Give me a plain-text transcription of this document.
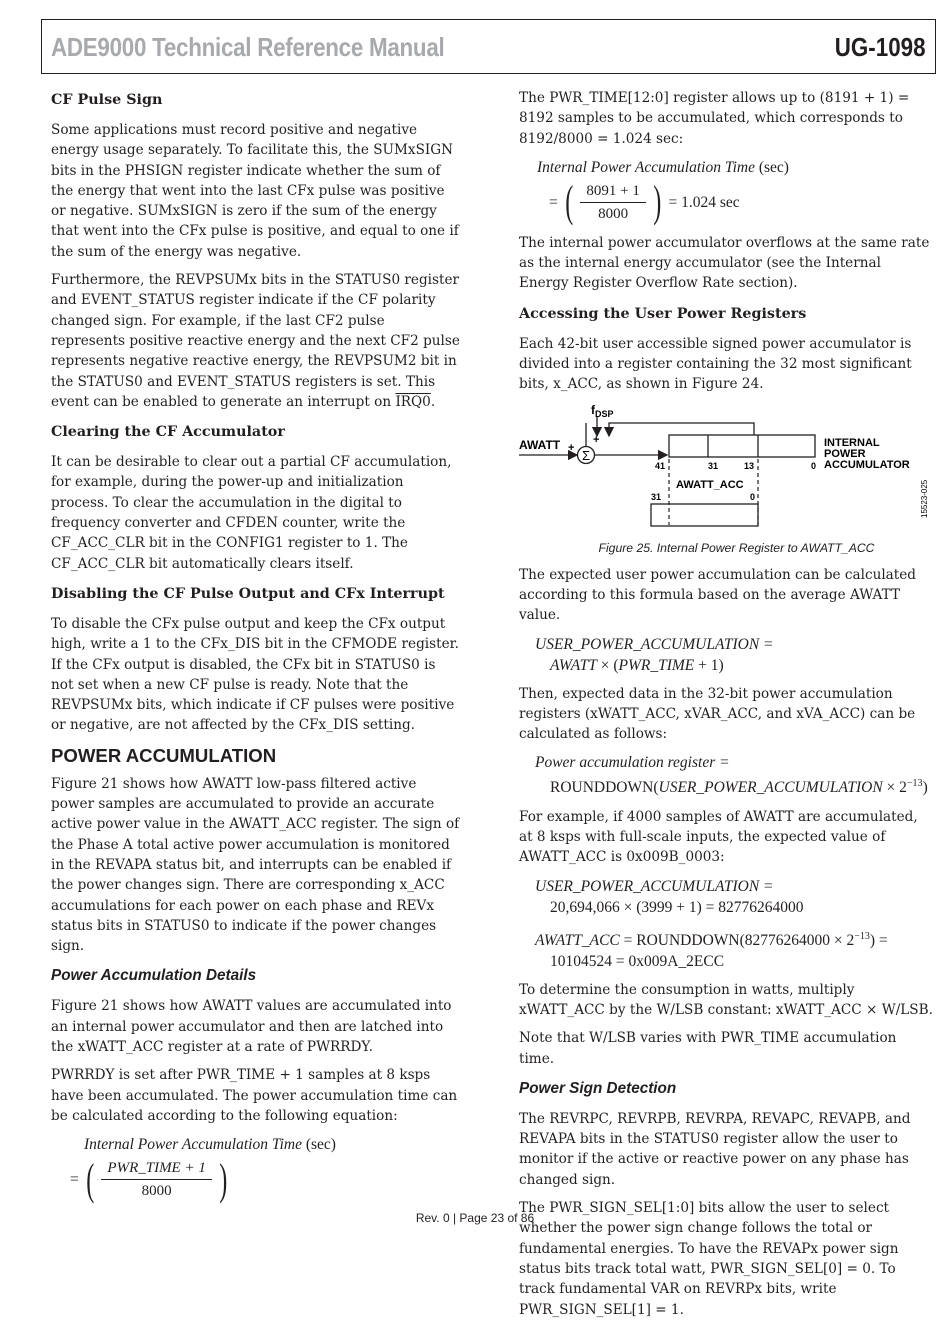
ADE9000 Technical Reference Manual	UG-1098
CF Pulse Sign

Some applications must record positive and negative energy usage separately. To facilitate this, the SUMxSIGN bits in the PHSIGN register indicate whether the sum of the energy that went into the last CFx pulse was positive or negative. SUMxSIGN is zero if the sum of the energy that went into the CFx pulse is positive, and equal to one if the sum of the energy was negative.

Furthermore, the REVPSUMx bits in the STATUS0 register and EVENT_STATUS register indicate if the CF polarity changed sign. For example, if the last CF2 pulse represents positive reactive energy and the next CF2 pulse represents negative reactive energy, the REVPSUM2 bit in the STATUS0 and EVENT_STATUS registers is set. This event can be enabled to generate an interrupt on IRQ0.

Clearing the CF Accumulator

It can be desirable to clear out a partial CF accumulation, for example, during the power-up and initialization process. To clear the accumulation in the digital to frequency converter and CFDEN counter, write the CF_ACC_CLR bit in the CONFIG1 register to 1. The CF_ACC_CLR bit automatically clears itself.

Disabling the CF Pulse Output and CFx Interrupt

To disable the CFx pulse output and keep the CFx output high, write a 1 to the CFx_DIS bit in the CFMODE register. If the CFx output is disabled, the CFx bit in STATUS0 is not set when a new CF pulse is ready. Note that the REVPSUMx bits, which indicate if CF pulses were positive or negative, are not affected by the CFx_DIS setting.

POWER ACCUMULATION

Figure 21 shows how AWATT low-pass filtered active power samples are accumulated to provide an accurate active power value in the AWATT_ACC register. The sign of the Phase A total active power accumulation is monitored in the REVAPA status bit, and interrupts can be enabled if the power changes sign. There are corresponding x_ACC accumulations for each power on each phase and REVx status bits in STATUS0 to indicate if the power changes sign.

Power Accumulation Details

Figure 21 shows how AWATT values are accumulated into an internal power accumulator and then are latched into the xWATT_ACC register at a rate of PWRRDY.

PWRRDY is set after PWR_TIME + 1 samples at 8 ksps have been accumulated. The power accumulation time can be calculated according to the following equation:

Internal Power Accumulation Time (sec)
= ( $\frac{\text{PWR\_TIME + 1}}{8000}$ )

The PWR_TIME[12:0] register allows up to (8191 + 1) = 8192 samples to be accumulated, which corresponds to 8192/8000 = 1.024 sec:

Internal Power Accumulation Time (sec)
= ( $\frac{8091 + 1}{8000}$ ) = 1.024 sec

The internal power accumulator overflows at the same rate as the internal energy accumulator (see the Internal Energy Register Overflow Rate section).

Accessing the User Power Registers

Each 42-bit user accessible signed power accumulator is divided into a register containing the 32 most significant bits, x_ACC, as shown in Figure 24.

$f_{DSP}$
AWATT +
+
Σ
INTERNAL
POWER
ACCUMULATOR
41	31	13	0
AWATT_ACC
31	0	15523-025
Figure 25. Internal Power Register to AWATT_ACC

The expected user power accumulation can be calculated according to this formula based on the average AWATT value.

USER_POWER_ACCUMULATION =
AWATT × (PWR_TIME + 1)

Then, expected data in the 32-bit power accumulation registers (xWATT_ACC, xVAR_ACC, and xVA_ACC) can be calculated as follows:

Power accumulation register =
ROUNDDOWN(USER_POWER_ACCUMULATION × $2^{-13}$)

For example, if 4000 samples of AWATT are accumulated, at 8 ksps with full-scale inputs, the expected value of AWATT_ACC is 0x009B_0003:

USER_POWER_ACCUMULATION =
20,694,066 × (3999 + 1) = 82776264000
AWATT_ACC = ROUNDDOWN(82776264000 × $2^{-13}$) =
10104524 = 0x009A_2ECC

To determine the consumption in watts, multiply xWATT_ACC by the W/LSB constant: xWATT_ACC × W/LSB.

Note that W/LSB varies with PWR_TIME accumulation time.

Power Sign Detection

The REVRPC, REVRPB, REVRPA, REVAPC, REVAPB, and REVAPA bits in the STATUS0 register allow the user to monitor if the active or reactive power on any phase has changed sign.

The PWR_SIGN_SEL[1:0] bits allow the user to select whether the power sign change follows the total or fundamental energies. To have the REVAPx power sign status bits track total watt, PWR_SIGN_SEL[0] = 0. To track fundamental VAR on REVRPx bits, write PWR_SIGN_SEL[1] = 1.

Rev. 0 | Page 23 of 86
